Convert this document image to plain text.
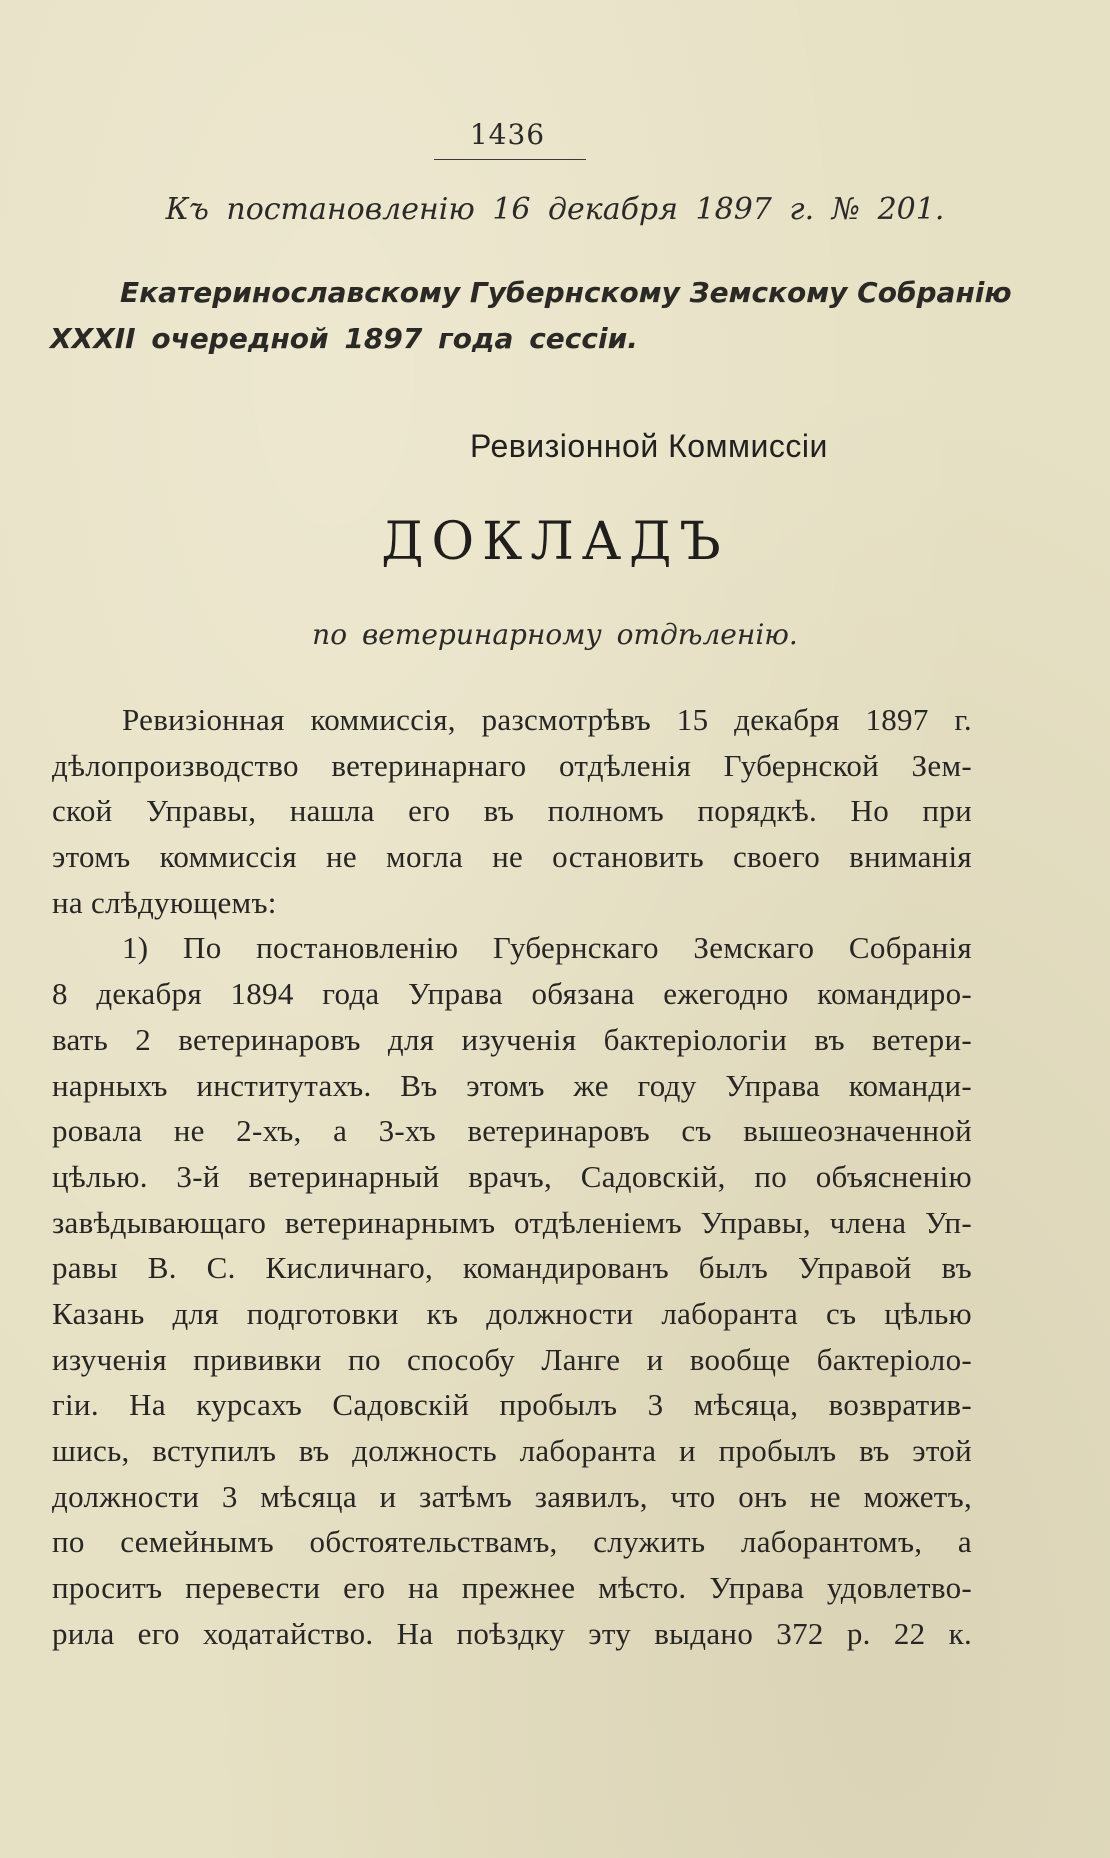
1436
Къ постановленію 16 декабря 1897 г. № 201.
Екатеринославскому Губернскому Земскому Собранію
XXXII очередной 1897 года сессіи.
Ревизіонной Коммиссіи
ДОКЛАДЪ
по ветеринарному отдѣленію.
Ревизіонная коммиссія, разсмотрѣвъ 15 декабря 1897 г.
дѣлопроизводство ветеринарнаго отдѣленія Губернской Зем-
ской Управы, нашла его въ полномъ порядкѣ. Но при
этомъ коммиссія не могла не остановить своего вниманія
на слѣдующемъ:
1) По постановленію Губернскаго Земскаго Собранія
8 декабря 1894 года Управа обязана ежегодно командиро-
вать 2 ветеринаровъ для изученія бактеріологіи въ ветери-
нарныхъ институтахъ. Въ этомъ же году Управа команди-
ровала не 2-хъ, а 3-хъ ветеринаровъ съ вышеозначенной
цѣлью. 3-й ветеринарный врачъ, Садовскій, по объясненію
завѣдывающаго ветеринарнымъ отдѣленіемъ Управы, члена Уп-
равы В. С. Кисличнаго, командированъ былъ Управой въ
Казань для подготовки къ должности лаборанта съ цѣлью
изученія прививки по способу Ланге и вообще бактеріоло-
гіи. На курсахъ Садовскій пробылъ 3 мѣсяца, возвратив-
шись, вступилъ въ должность лаборанта и пробылъ въ этой
должности 3 мѣсяца и затѣмъ заявилъ, что онъ не можетъ,
по семейнымъ обстоятельствамъ, служить лаборантомъ, а
проситъ перевести его на прежнее мѣсто. Управа удовлетво-
рила его ходатайство. На поѣздку эту выдано 372 р. 22 к.
